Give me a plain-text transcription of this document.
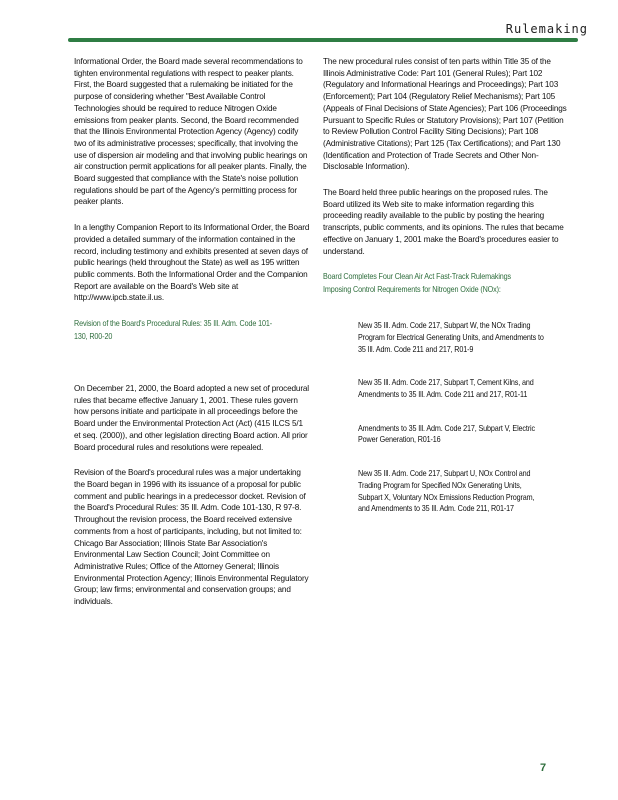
Rulemaking

Informational Order, the Board made several recommendations to tighten environmental regulations with respect to peaker plants. First, the Board suggested that a rulemaking be initiated for the purpose of considering whether "Best Available Control Technologies should be required to reduce Nitrogen Oxide emissions from peaker plants. Second, the Board recommended that the Illinois Environmental Protection Agency (Agency) codify two of its administrative processes; specifically, that involving the use of dispersion air modeling and that involving public hearings on air construction permit applications for all peaker plants. Finally, the Board suggested that compliance with the State's noise pollution regulations should be part of the Agency's permitting process for peaker plants.

In a lengthy Companion Report to its Informational Order, the Board provided a detailed summary of the information contained in the record, including testimony and exhibits presented at seven days of public hearings (held throughout the State) as well as 195 written public comments. Both the Informational Order and the Companion Report are available on the Board's Web site at http://www.ipcb.state.il.us.

Revision of the Board's Procedural Rules: 35 Ill. Adm. Code 101-130, R00-20

On December 21, 2000, the Board adopted a new set of procedural rules that became effective January 1, 2001. These rules govern how persons initiate and participate in all proceedings before the Board under the Environmental Protection Act (Act) (415 ILCS 5/1 et seq. (2000)), and other legislation directing Board action. All prior Board procedural rules and resolutions were repealed.

Revision of the Board's procedural rules was a major undertaking the Board began in 1996 with its issuance of a proposal for public comment and public hearings in a predecessor docket. Revision of the Board's Procedural Rules: 35 Ill. Adm. Code 101-130, R 97-8. Throughout the revision process, the Board received extensive comments from a host of participants, including, but not limited to: Chicago Bar Association; Illinois State Bar Association's Environmental Law Section Council; Joint Committee on Administrative Rules; Office of the Attorney General; Illinois Environmental Protection Agency; Illinois Environmental Regulatory Group; law firms; environmental and conservation groups; and individuals.

The new procedural rules consist of ten parts within Title 35 of the Illinois Administrative Code: Part 101 (General Rules); Part 102 (Regulatory and Informational Hearings and Proceedings); Part 103 (Enforcement); Part 104 (Regulatory Relief Mechanisms); Part 105 (Appeals of Final Decisions of State Agencies); Part 106 (Proceedings Pursuant to Specific Rules or Statutory Provisions); Part 107 (Petition to Review Pollution Control Facility Siting Decisions); Part 108 (Administrative Citations); Part 125 (Tax Certifications); and Part 130 (Identification and Protection of Trade Secrets and Other Non-Disclosable Information).

The Board held three public hearings on the proposed rules. The Board utilized its Web site to make information regarding this proceeding readily available to the public by posting the hearing transcripts, public comments, and its opinions. The rules that became effective on January 1, 2001 make the Board's procedures easier to understand.

Board Completes Four Clean Air Act Fast-Track Rulemakings Imposing Control Requirements for Nitrogen Oxide (NOx):
New 35 Ill. Adm. Code 217, Subpart W, the NOx Trading Program for Electrical Generating Units, and Amendments to 35 Ill. Adm. Code 211 and 217, R01-9
New 35 Ill. Adm. Code 217, Subpart T, Cement Kilns, and Amendments to 35 Ill. Adm. Code 211 and 217, R01-11
Amendments to 35 Ill. Adm. Code 217, Subpart V, Electric Power Generation, R01-16
New 35 Ill. Adm. Code 217, Subpart U, NOx Control and Trading Program for Specified NOx Generating Units, Subpart X, Voluntary NOx Emissions Reduction Program, and Amendments to 35 Ill. Adm. Code 211, R01-17
7
